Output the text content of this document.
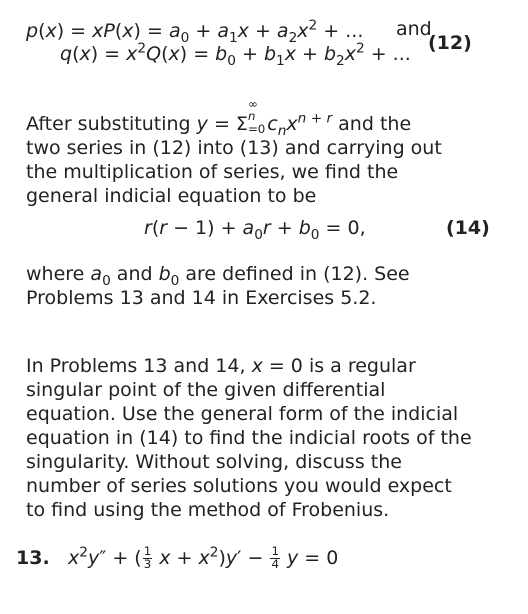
$p(x) = xP(x) = a_0 + a_1x + a_2x^2$ + ... and
(12)
$q(x) = x^2Q(x) = b_0 + b_1x + b_2x^2$ + ...
After substituting y = Σ
∞
n
=0 $c_nx^{n + r}$ and the
two series in (12) into (13) and carrying out
the multiplication of series, we find the
general indicial equation to be
$r(r - 1) + a_0r + b_0 = 0$,	(14)
where $a_0$ and $b_0$ are defined in (12). See
Problems 13 and 14 in Exercises 5.2.
In Problems 13 and 14, x = 0 is a regular
singular point of the given differential
equation. Use the general form of the indicial
equation in (14) to find the indicial roots of the
singularity. Without solving, discuss the
number of series solutions you would expect
to find using the method of Frobenius.
13. $x^2y''$ + ( $\frac{1}{3}$ $x + x^2)y' - \frac{1}{4}$ y = 0
